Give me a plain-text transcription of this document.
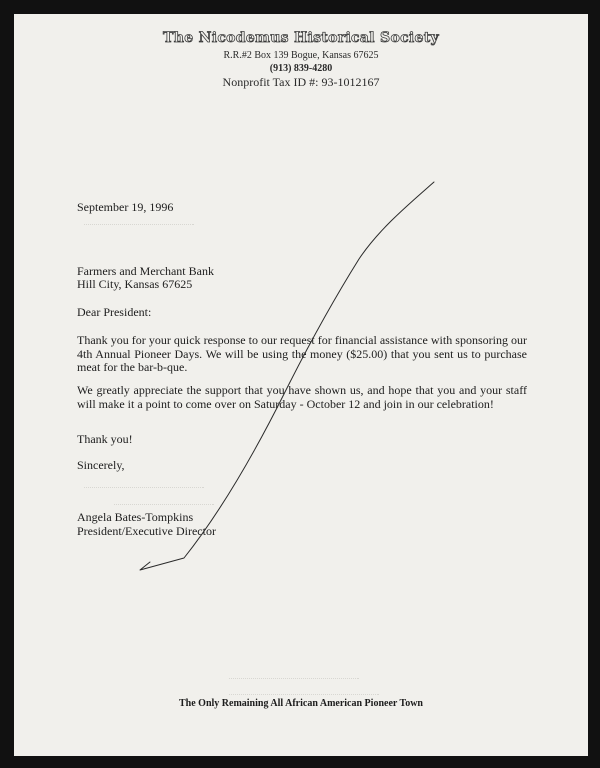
The Nicodemus Historical Society
R.R.#2 Box 139 Bogue, Kansas 67625
(913) 839-4280
Nonprofit Tax ID #: 93-1012167

September 19, 1996

Farmers and Merchant Bank

Hill City, Kansas 67625

Dear President:

Thank you for your quick response to our request for financial assistance with sponsoring our 4th Annual Pioneer Days. We will be using the money ($25.00) that you sent us to purchase meat for the bar-b-que.

We greatly appreciate the support that you have shown us, and hope that you and your staff will make it a point to come over on Saturday - October 12 and join in our celebration!

Thank you!

Sincerely,

Angela Bates-Tompkins

President/Executive Director

The Only Remaining All African American Pioneer Town
